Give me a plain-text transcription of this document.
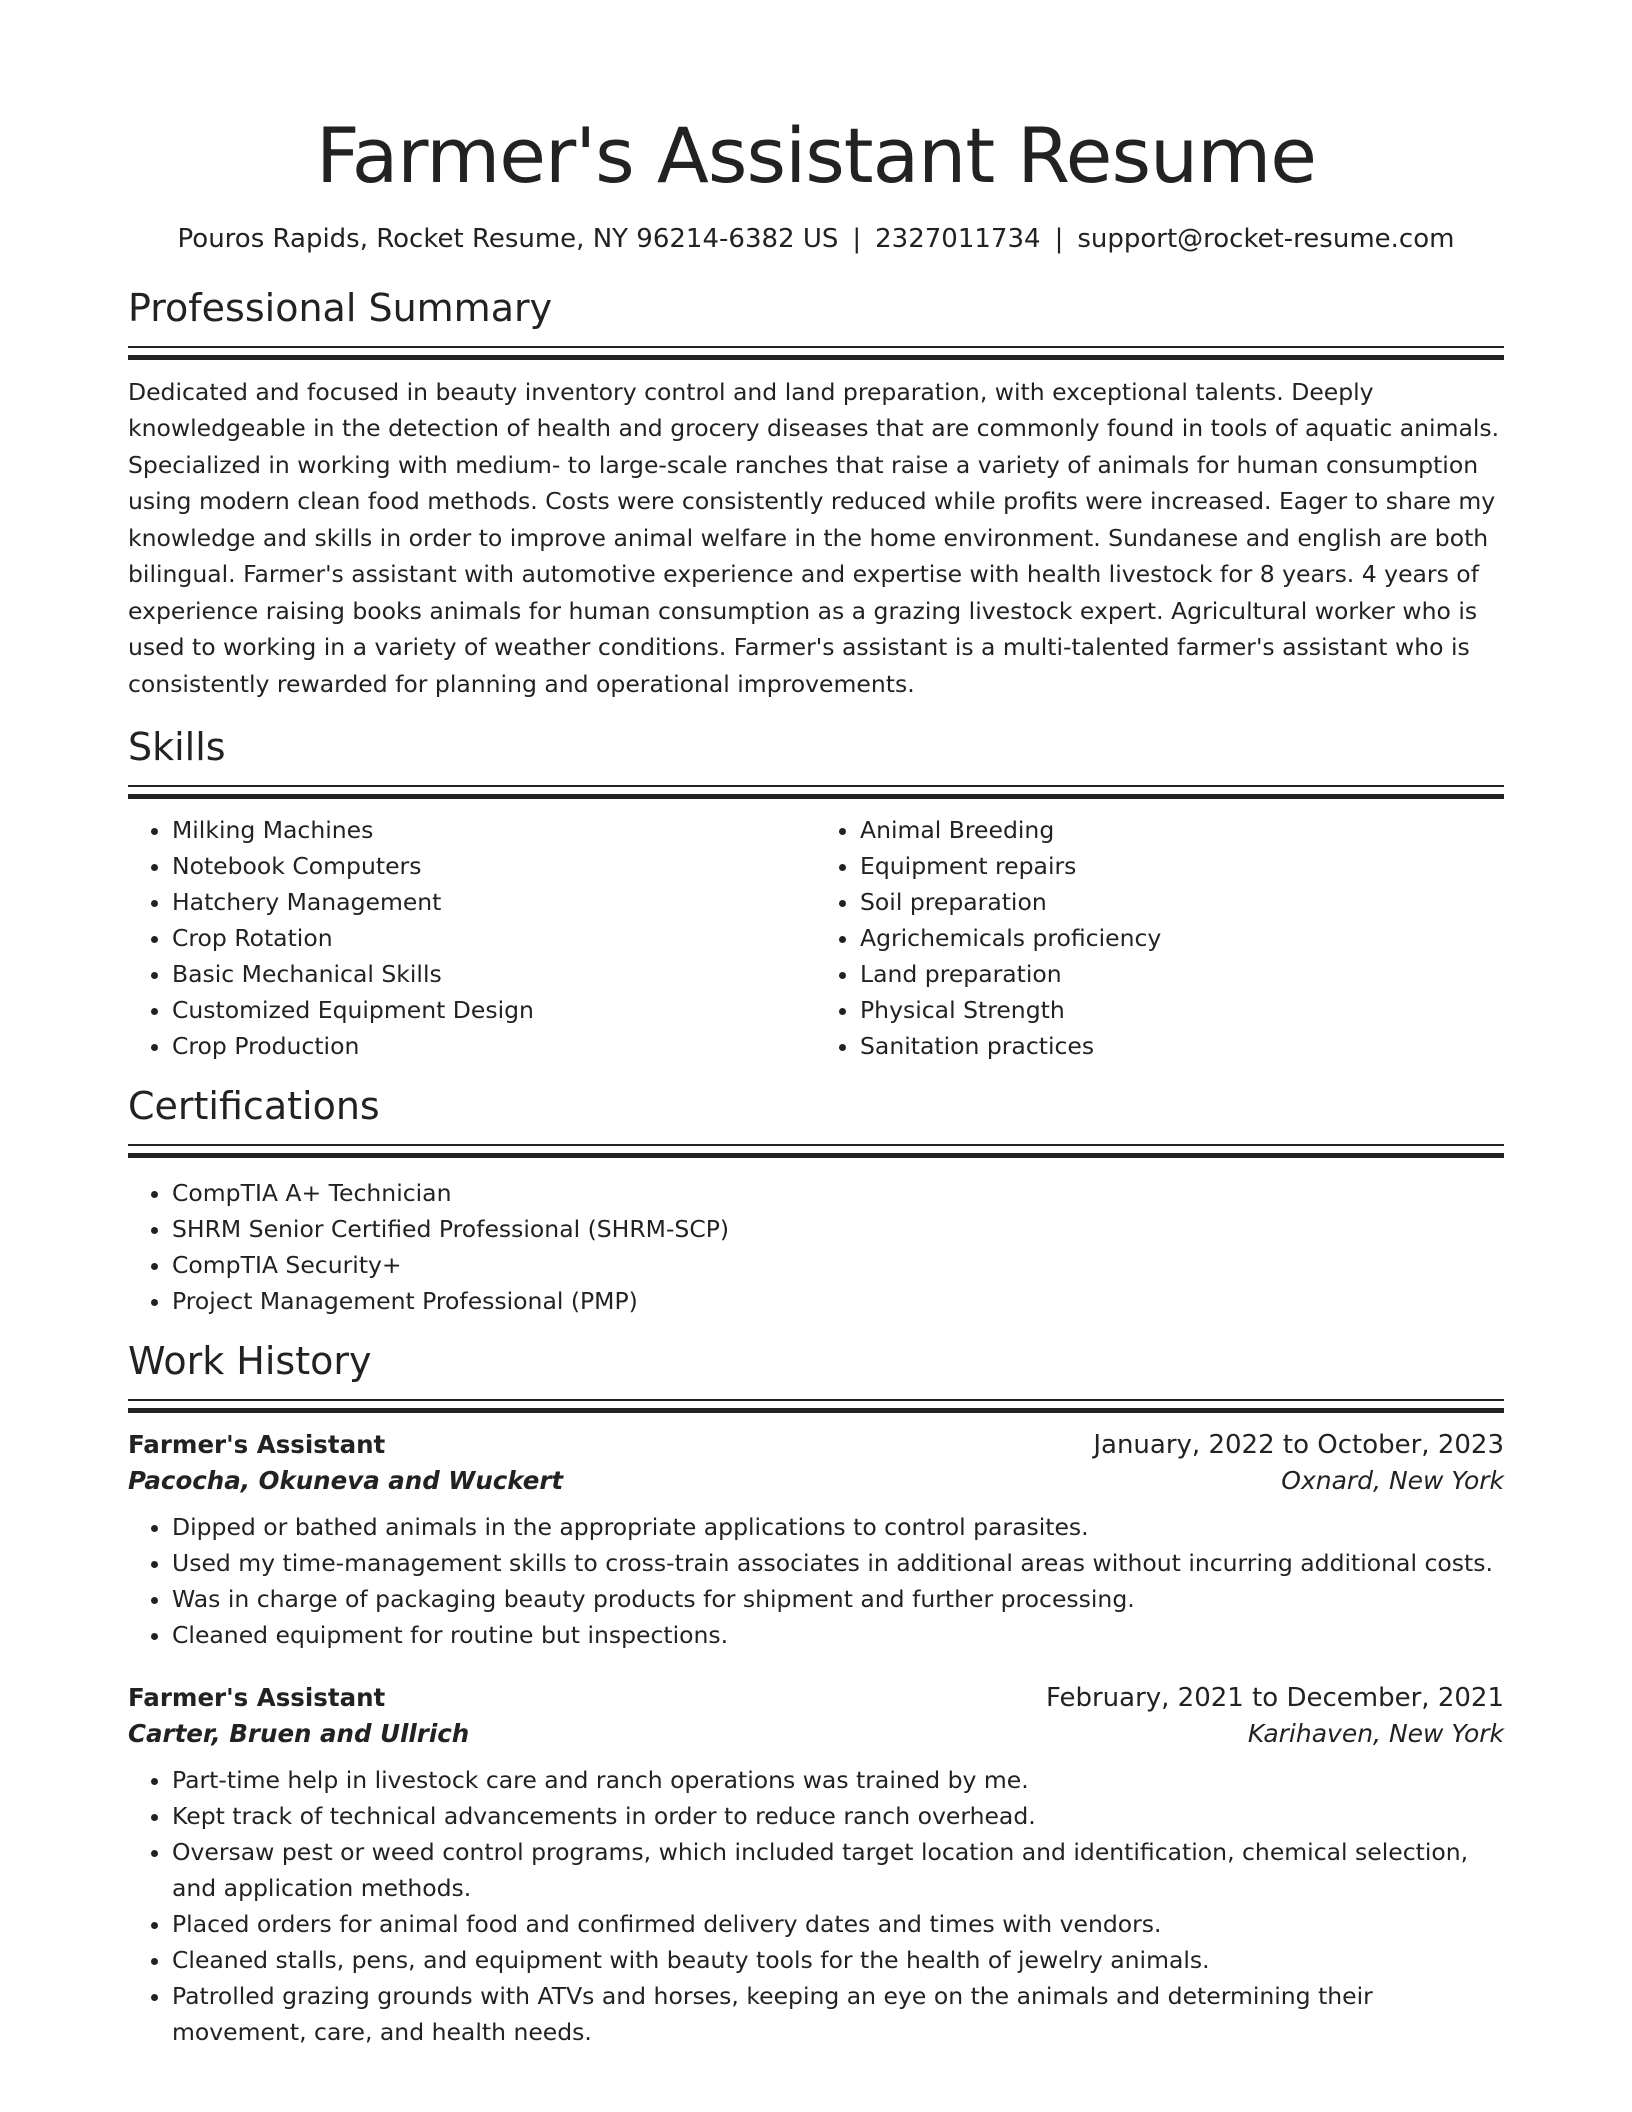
Farmer's Assistant Resume
Pouros Rapids, Rocket Resume, NY 96214-6382 US | 2327011734 | support@rocket-resume.com
Professional Summary

Dedicated and focused in beauty inventory control and land preparation, with exceptional talents. Deeply knowledgeable in the detection of health and grocery diseases that are commonly found in tools of aquatic animals. Specialized in working with medium- to large-scale ranches that raise a variety of animals for human consumption using modern clean food methods. Costs were consistently reduced while profits were increased. Eager to share my knowledge and skills in order to improve animal welfare in the home environment. Sundanese and english are both bilingual. Farmer's assistant with automotive experience and expertise with health livestock for 8 years. 4 years of experience raising books animals for human consumption as a grazing livestock expert. Agricultural worker who is used to working in a variety of weather conditions. Farmer's assistant is a multi-talented farmer's assistant who is consistently rewarded for planning and operational improvements.

Skills
• Milking Machines
• Notebook Computers
• Hatchery Management
• Crop Rotation
• Basic Mechanical Skills
• Customized Equipment Design
• Crop Production
• Animal Breeding
• Equipment repairs
• Soil preparation
• Agrichemicals proficiency
• Land preparation
• Physical Strength
• Sanitation practices
Certifications
• CompTIA A+ Technician
• SHRM Senior Certified Professional (SHRM-SCP)
• CompTIA Security+
• Project Management Professional (PMP)
Work History
Farmer's Assistant	January, 2022 to October, 2023
Pacocha, Okuneva and Wuckert	Oxnard, New York
• Dipped or bathed animals in the appropriate applications to control parasites.
• Used my time-management skills to cross-train associates in additional areas without incurring additional costs.
• Was in charge of packaging beauty products for shipment and further processing.
• Cleaned equipment for routine but inspections.
Farmer's Assistant	February, 2021 to December, 2021
Carter, Bruen and Ullrich	Karihaven, New York
• Part-time help in livestock care and ranch operations was trained by me.
• Kept track of technical advancements in order to reduce ranch overhead.
• Oversaw pest or weed control programs, which included target location and identification, chemical selection, and application methods.
• Placed orders for animal food and confirmed delivery dates and times with vendors.
• Cleaned stalls, pens, and equipment with beauty tools for the health of jewelry animals.
• Patrolled grazing grounds with ATVs and horses, keeping an eye on the animals and determining their movement, care, and health needs.
